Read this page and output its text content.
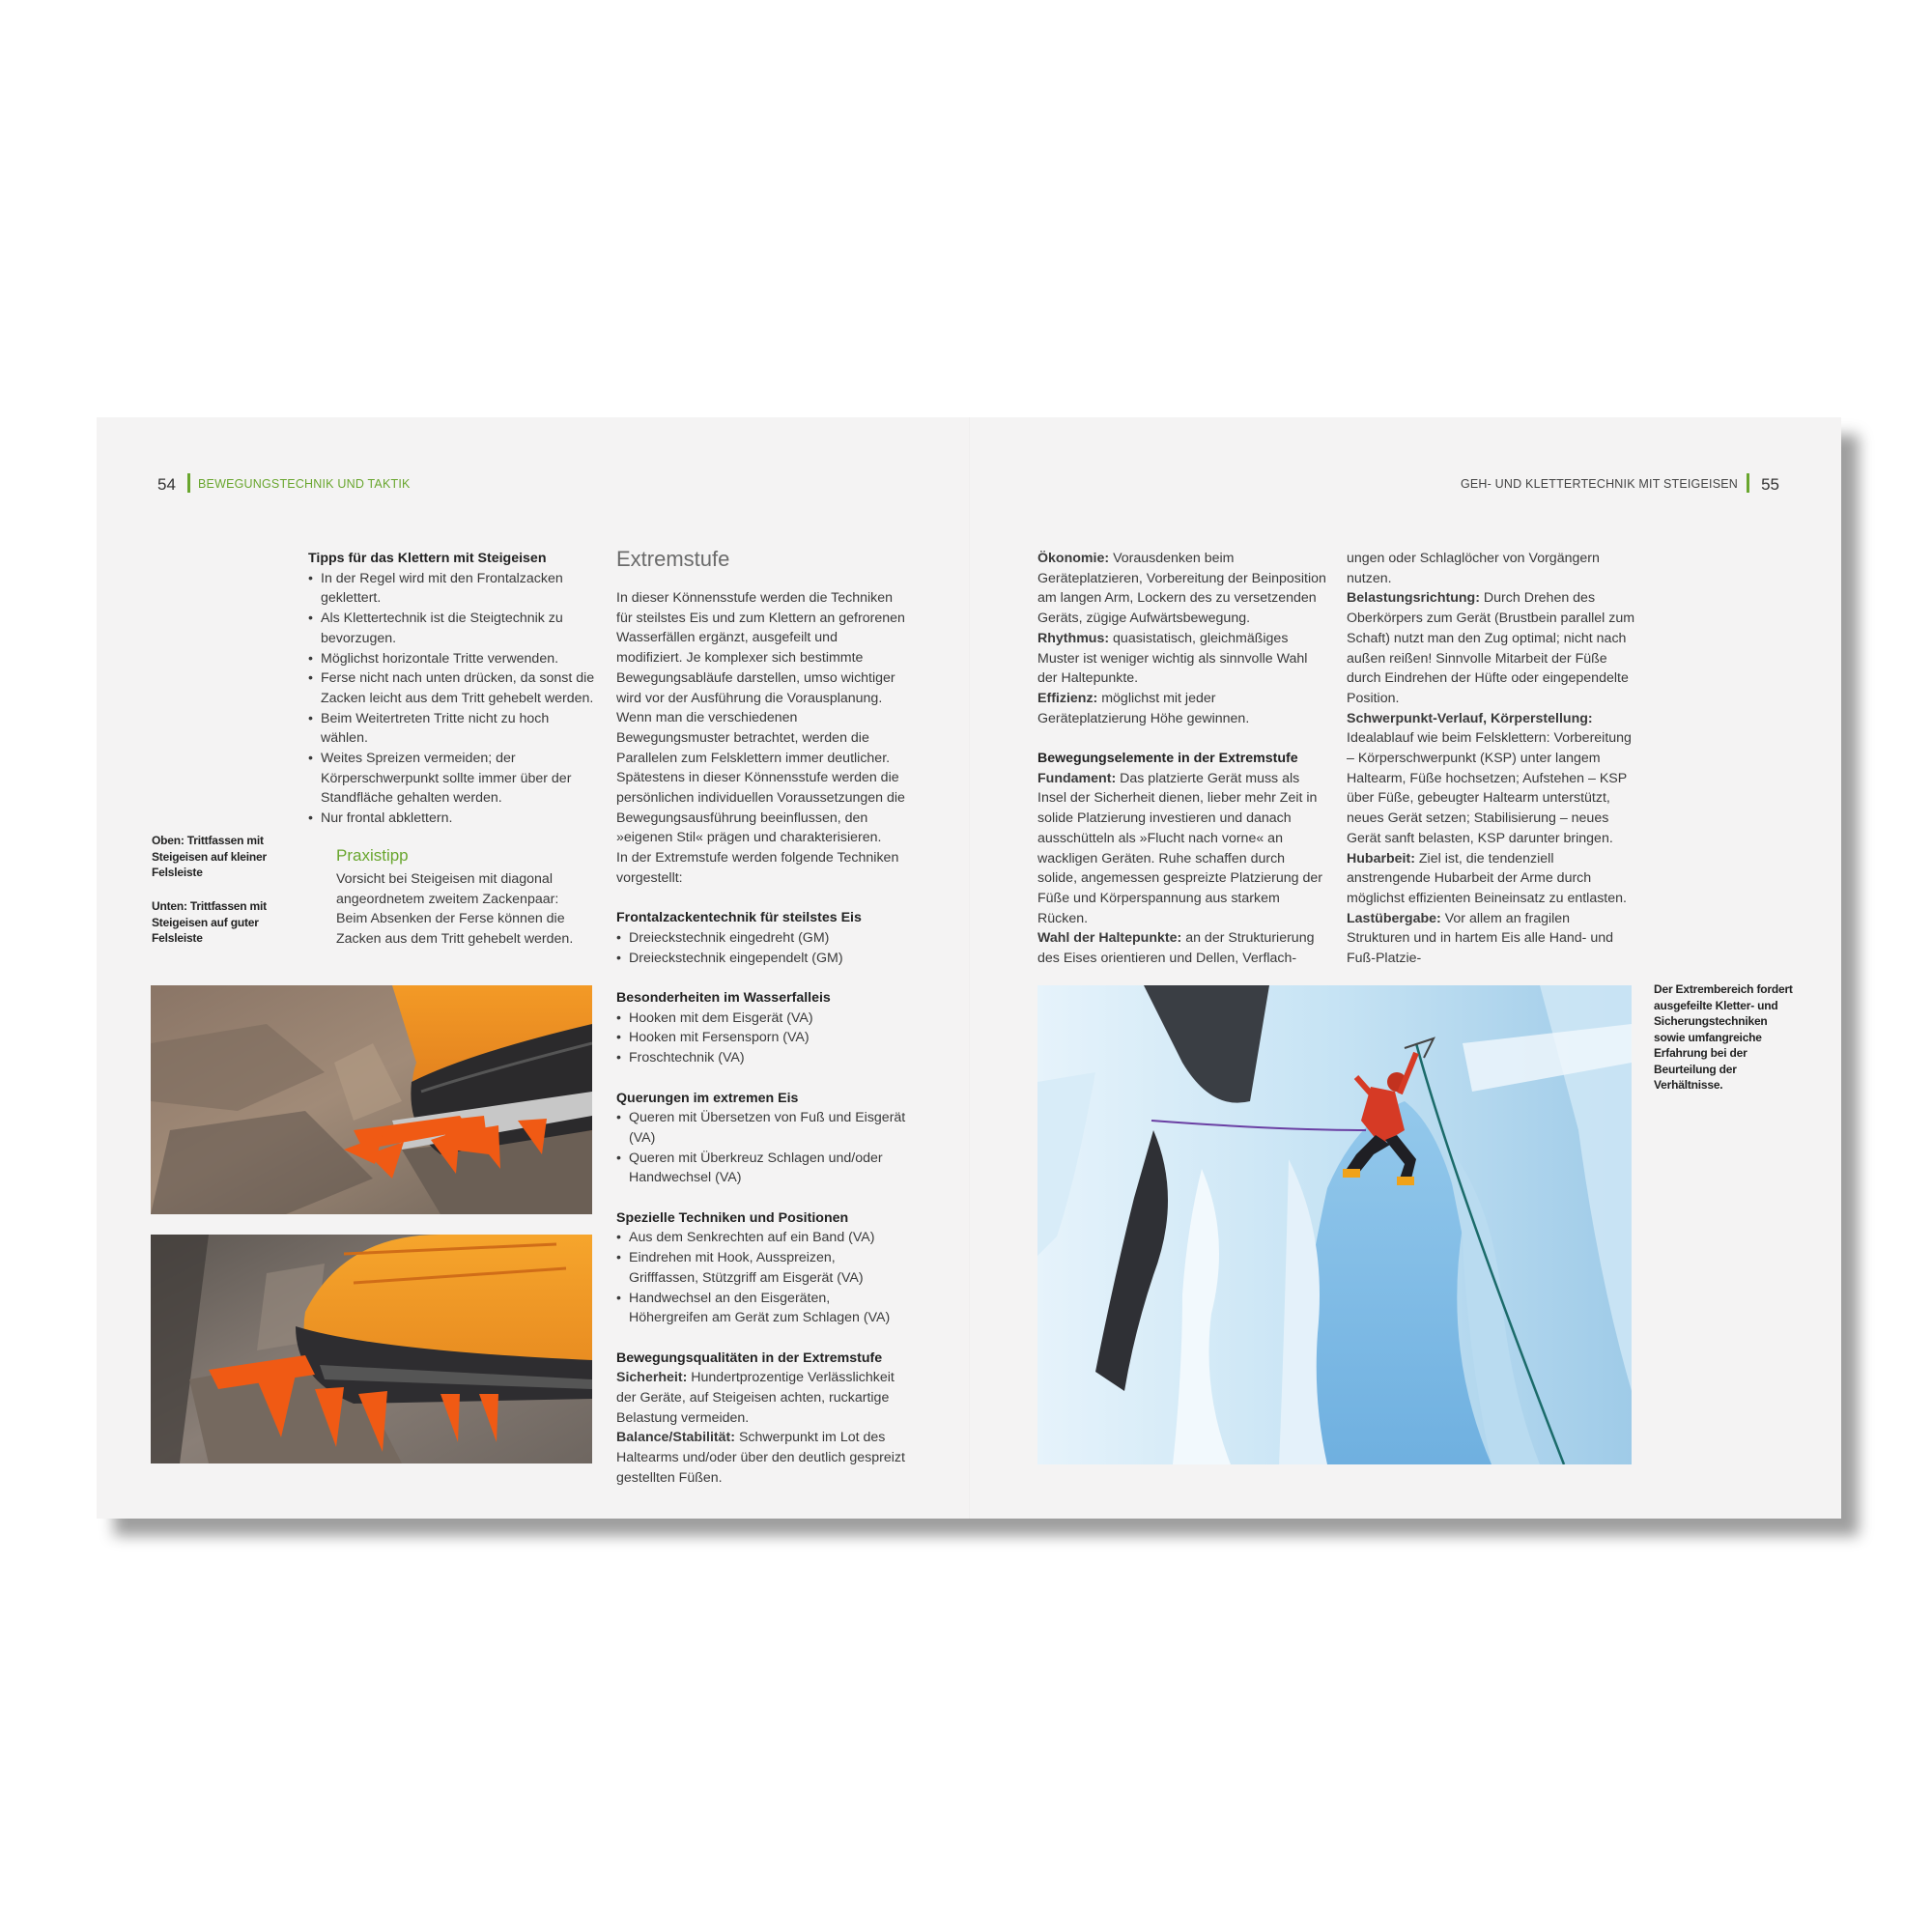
54 BEWEGUNGSTECHNIK UND TAKTIK	GEH- UND KLETTERTECHNIK MIT STEIGEISEN 55
Oben: Trittfassen mit Steigeisen auf kleiner Felsleiste
Unten: Trittfassen mit Steigeisen auf guter Felsleiste

Tipps für das Klettern mit Steigeisen

• In der Regel wird mit den Frontalzacken geklettert.
• Als Klettertechnik ist die Steigtechnik zu bevorzugen.
• Möglichst horizontale Tritte verwenden.
• Ferse nicht nach unten drücken, da sonst die Zacken leicht aus dem Tritt gehebelt werden.
• Beim Weitertreten Tritte nicht zu hoch wählen.
• Weites Spreizen vermeiden; der Körperschwerpunkt sollte immer über der Standfläche gehalten werden.
• Nur frontal abklettern.
Praxistipp
Vorsicht bei Steigeisen mit diagonal angeordnetem zweitem Zackenpaar: Beim Absenken der Ferse können die Zacken aus dem Tritt gehebelt werden.
Extremstufe

In dieser Könnensstufe werden die Techniken für steilstes Eis und zum Klettern an gefrorenen Wasserfällen ergänzt, ausgefeilt und modifiziert. Je komplexer sich bestimmte Bewegungsabläufe darstellen, umso wichtiger wird vor der Ausführung die Vorausplanung. Wenn man die verschiedenen Bewegungsmuster betrachtet, werden die Parallelen zum Felsklettern immer deutlicher. Spätestens in dieser Könnensstufe werden die persönlichen individuellen Voraussetzungen die Bewegungsausführung beeinflussen, den »eigenen Stil« prägen und charakterisieren.

In der Extremstufe werden folgende Techniken vorgestellt:

Frontalzackentechnik für steilstes Eis

• Dreieckstechnik eingedreht (GM)
• Dreieckstechnik eingependelt (GM)

Besonderheiten im Wasserfalleis

• Hooken mit dem Eisgerät (VA)
• Hooken mit Fersensporn (VA)
• Froschtechnik (VA)

Querungen im extremen Eis

• Queren mit Übersetzen von Fuß und Eisgerät (VA)
• Queren mit Überkreuz Schlagen und/oder Handwechsel (VA)

Spezielle Techniken und Positionen

• Aus dem Senkrechten auf ein Band (VA)
• Eindrehen mit Hook, Ausspreizen, Grifffassen, Stützgriff am Eisgerät (VA)
• Handwechsel an den Eisgeräten, Höhergreifen am Gerät zum Schlagen (VA)

Bewegungsqualitäten in der Extremstufe

Sicherheit: Hundertprozentige Verlässlichkeit der Geräte, auf Steigeisen achten, ruckartige Belastung vermeiden.

Balance/Stabilität: Schwerpunkt im Lot des Haltearms und/oder über den deutlich gespreizt gestellten Füßen.

Ökonomie: Vorausdenken beim Geräteplatzieren, Vorbereitung der Beinposition am langen Arm, Lockern des zu versetzenden Geräts, zügige Aufwärtsbewegung.

Rhythmus: quasistatisch, gleichmäßiges Muster ist weniger wichtig als sinnvolle Wahl der Haltepunkte.

Effizienz: möglichst mit jeder Geräteplatzierung Höhe gewinnen.

Bewegungselemente in der Extremstufe

Fundament: Das platzierte Gerät muss als Insel der Sicherheit dienen, lieber mehr Zeit in solide Platzierung investieren und danach ausschütteln als »Flucht nach vorne« an wackligen Geräten. Ruhe schaffen durch solide, angemessen gespreizte Platzierung der Füße und Körperspannung aus starkem Rücken.

Wahl der Haltepunkte: an der Strukturierung des Eises orientieren und Dellen, Verflach-

ungen oder Schlaglöcher von Vorgängern nutzen.

Belastungsrichtung: Durch Drehen des Oberkörpers zum Gerät (Brustbein parallel zum Schaft) nutzt man den Zug optimal; nicht nach außen reißen! Sinnvolle Mitarbeit der Füße durch Eindrehen der Hüfte oder eingependelte Position.

Schwerpunkt-Verlauf, Körperstellung: Idealablauf wie beim Felsklettern: Vorbereitung – Körperschwerpunkt (KSP) unter langem Haltearm, Füße hochsetzen; Aufstehen – KSP über Füße, gebeugter Haltearm unterstützt, neues Gerät setzen; Stabilisierung – neues Gerät sanft belasten, KSP darunter bringen.

Hubarbeit: Ziel ist, die tendenziell anstrengende Hubarbeit der Arme durch möglichst effizienten Beineinsatz zu entlasten.

Lastübergabe: Vor allem an fragilen Strukturen und in hartem Eis alle Hand- und Fuß-Platzie-

Der Extrembereich fordert ausgefeilte Kletter- und Sicherungstechniken sowie umfangreiche Erfahrung bei der Beurteilung der Verhältnisse.
